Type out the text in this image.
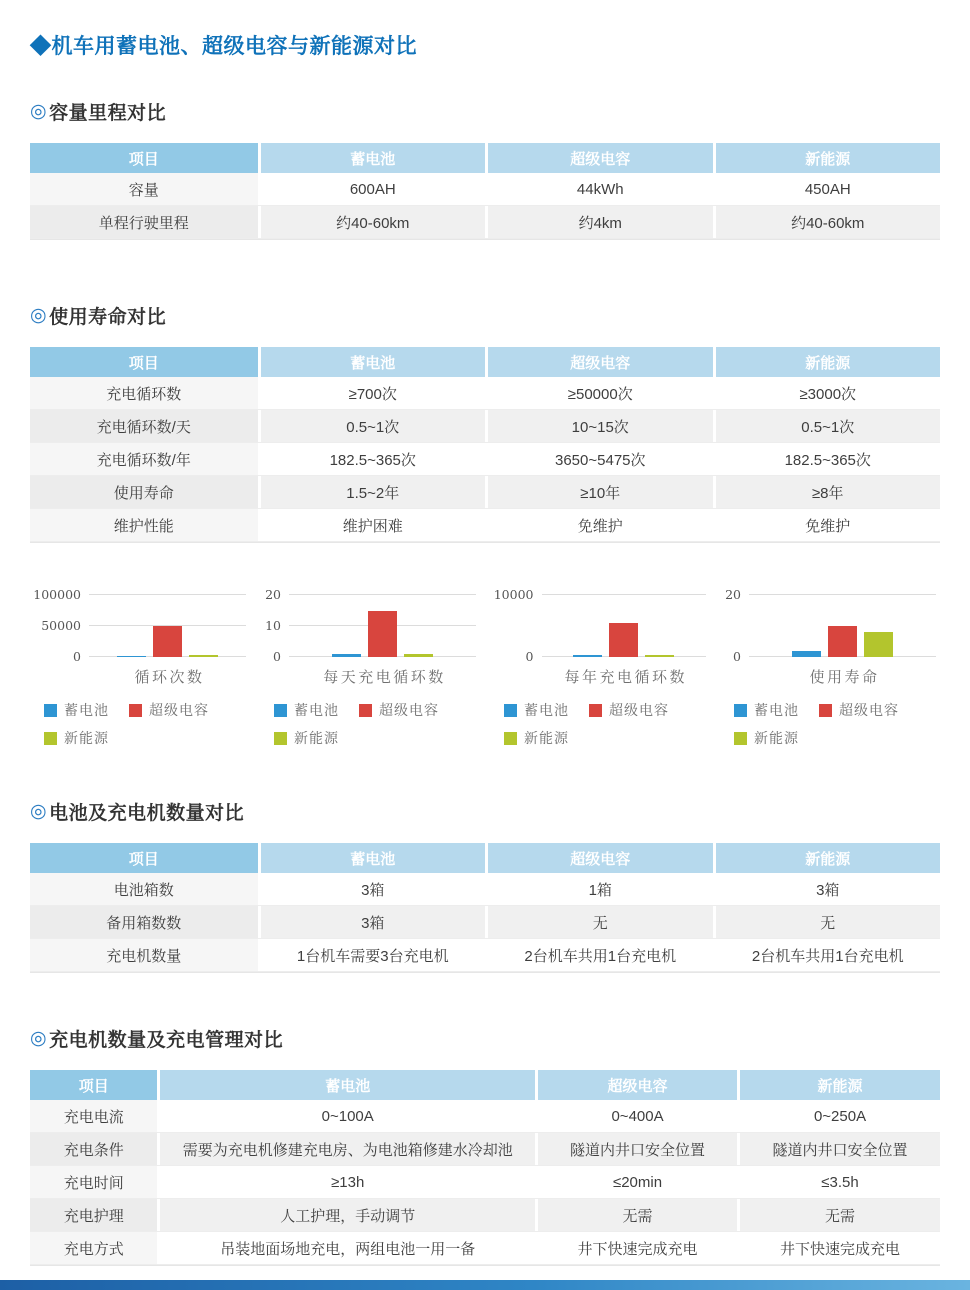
◆机车用蓄电池、超级电容与新能源对比
◎ 容量里程对比
项目	蓄电池	超级电容	新能源
容量	600AH	44kWh	450AH
单程行驶里程	约40-60km	约4km	约40-60km
◎ 使用寿命对比
项目	蓄电池	超级电容	新能源
充电循环数	≥700次	≥50000次	≥3000次
充电循环数/天	0.5~1次	10~15次	0.5~1次
充电循环数/年	182.5~365次	3650~5475次	182.5~365次
使用寿命	1.5~2年	≥10年	≥8年
维护性能	维护困难	免维护	免维护
0
50000
100000
循环次数
蓄电池	超级电容
新能源
0
10
20
每天充电循环数
蓄电池	超级电容
新能源
0
10000
每年充电循环数
蓄电池	超级电容
新能源
0
20
使用寿命
蓄电池	超级电容
新能源
◎ 电池及充电机数量对比
项目	蓄电池	超级电容	新能源
电池箱数	3箱	1箱	3箱
备用箱数数	3箱	无	无
充电机数量	1台机车需要3台充电机	2台机车共用1台充电机	2台机车共用1台充电机
◎ 充电机数量及充电管理对比
项目	蓄电池	超级电容	新能源
充电电流	0~100A	0~400A	0~250A
充电条件	需要为充电机修建充电房、为电池箱修建水冷却池	隧道内井口安全位置	隧道内井口安全位置
充电时间	≥13h	≤20min	≤3.5h
充电护理	人工护理，手动调节	无需	无需
充电方式	吊装地面场地充电，两组电池一用一备	井下快速完成充电	井下快速完成充电
